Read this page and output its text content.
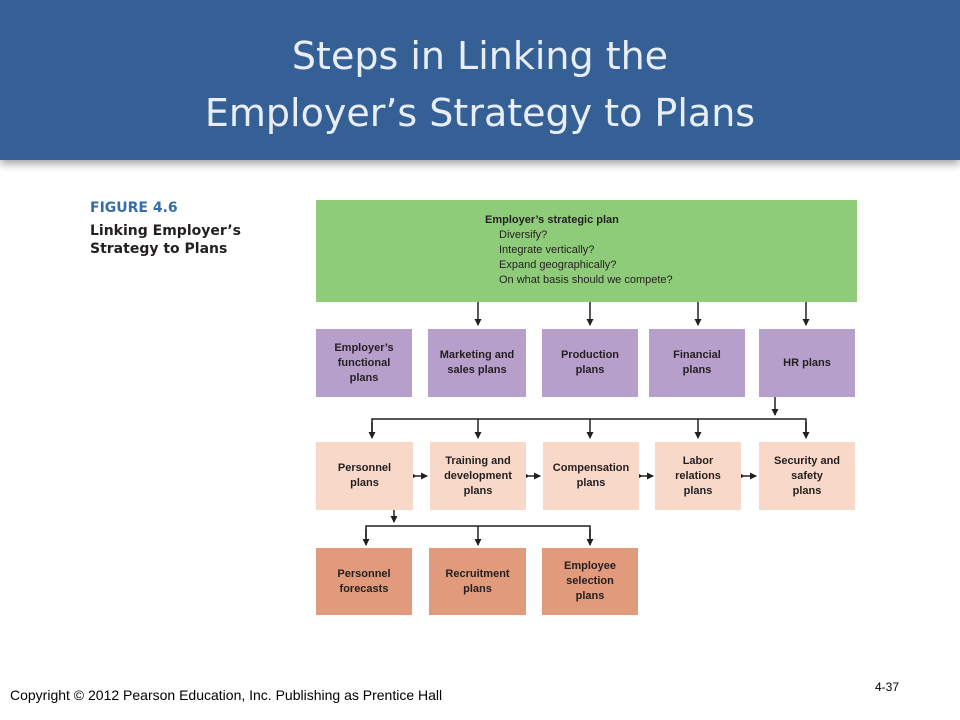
Steps in Linking the
Employer’s Strategy to Plans
FIGURE 4.6
Linking Employer’s Strategy to Plans
Employer’s strategic plan
Diversify?
Integrate vertically?
Expand geographically?
On what basis should we compete?
Employer’s
functional
plans
Marketing and
sales plans
Production
plans
Financial
plans
HR plans
Personnel
plans
Training and
development
plans
Compensation
plans
Labor
relations
plans
Security and
safety
plans
Personnel
forecasts
Recruitment
plans
Employee
selection
plans
Copyright © 2012 Pearson Education, Inc. Publishing as Prentice Hall	4-37
